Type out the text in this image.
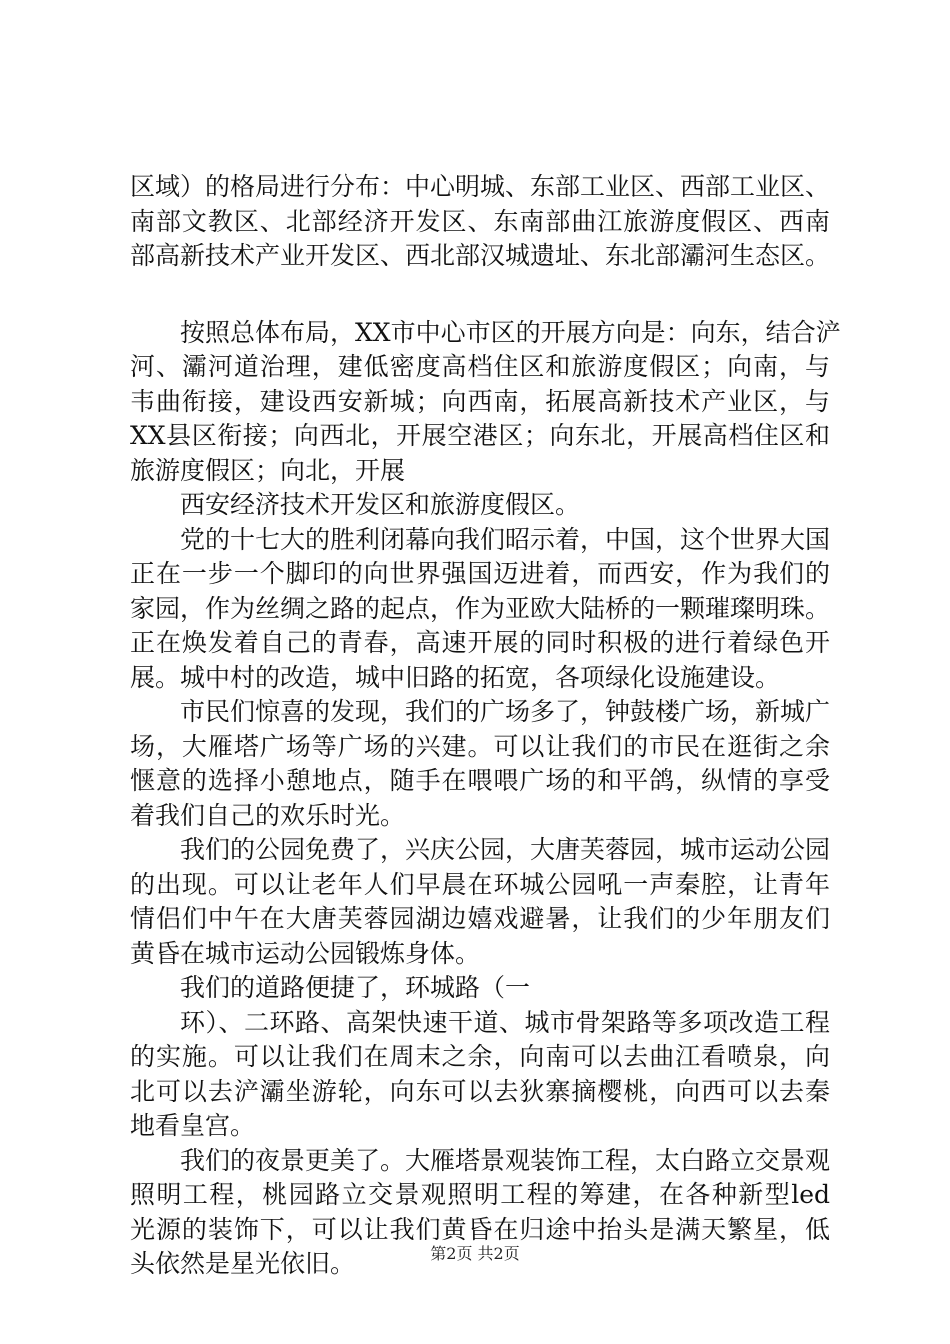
区域）的格局进行分布：中心明城、东部工业区、西部工业区、
南部文教区、北部经济开发区、东南部曲江旅游度假区、西南
部高新技术产业开发区、西北部汉城遗址、东北部灞河生态区。
按照总体布局，XX市中心市区的开展方向是：向东，结合浐
河、灞河道治理，建低密度高档住区和旅游度假区；向南，与
韦曲衔接，建设西安新城；向西南，拓展高新技术产业区，与
XX县区衔接；向西北，开展空港区；向东北，开展高档住区和
旅游度假区；向北，开展
西安经济技术开发区和旅游度假区。
党的十七大的胜利闭幕向我们昭示着，中国，这个世界大国
正在一步一个脚印的向世界强国迈进着，而西安，作为我们的
家园，作为丝绸之路的起点，作为亚欧大陆桥的一颗璀璨明珠。
正在焕发着自己的青春，高速开展的同时积极的进行着绿色开
展。城中村的改造，城中旧路的拓宽，各项绿化设施建设。
市民们惊喜的发现，我们的广场多了，钟鼓楼广场，新城广
场，大雁塔广场等广场的兴建。可以让我们的市民在逛街之余
惬意的选择小憩地点，随手在喂喂广场的和平鸽，纵情的享受
着我们自己的欢乐时光。
我们的公园免费了，兴庆公园，大唐芙蓉园，城市运动公园
的出现。可以让老年人们早晨在环城公园吼一声秦腔，让青年
情侣们中午在大唐芙蓉园湖边嬉戏避暑，让我们的少年朋友们
黄昏在城市运动公园锻炼身体。
我们的道路便捷了，环城路（一
环）、二环路、高架快速干道、城市骨架路等多项改造工程
的实施。可以让我们在周末之余，向南可以去曲江看喷泉，向
北可以去浐灞坐游轮，向东可以去狄寨摘樱桃，向西可以去秦
地看皇宫。
我们的夜景更美了。大雁塔景观装饰工程，太白路立交景观
照明工程，桃园路立交景观照明工程的筹建，在各种新型led
光源的装饰下，可以让我们黄昏在归途中抬头是满天繁星，低
头依然是星光依旧。	第2页 共2页
